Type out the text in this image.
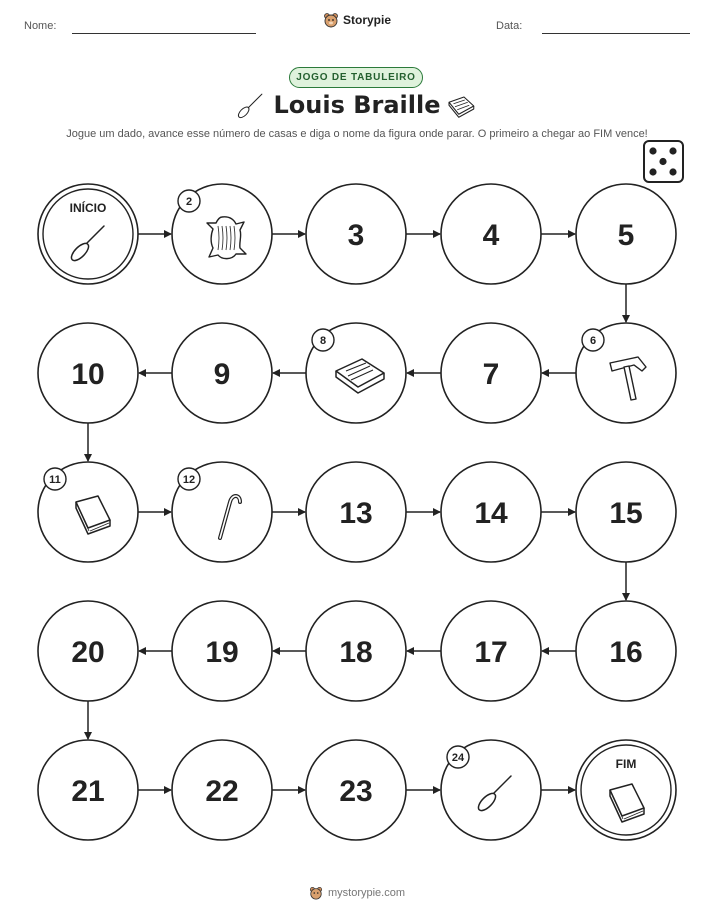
Nome:	Data:
Storypie
JOGO DE TABULEIRO
Louis Braille
Jogue um dado, avance esse número de casas e diga o nome da figura onde parar. O primeiro a chegar ao FIM vence!
INÍCIO	2
3	4	5
6
7
8
9
10
11	12
13	14	15
16
17
18
19
20
21	22	23
24	FIM
mystorypie.com
